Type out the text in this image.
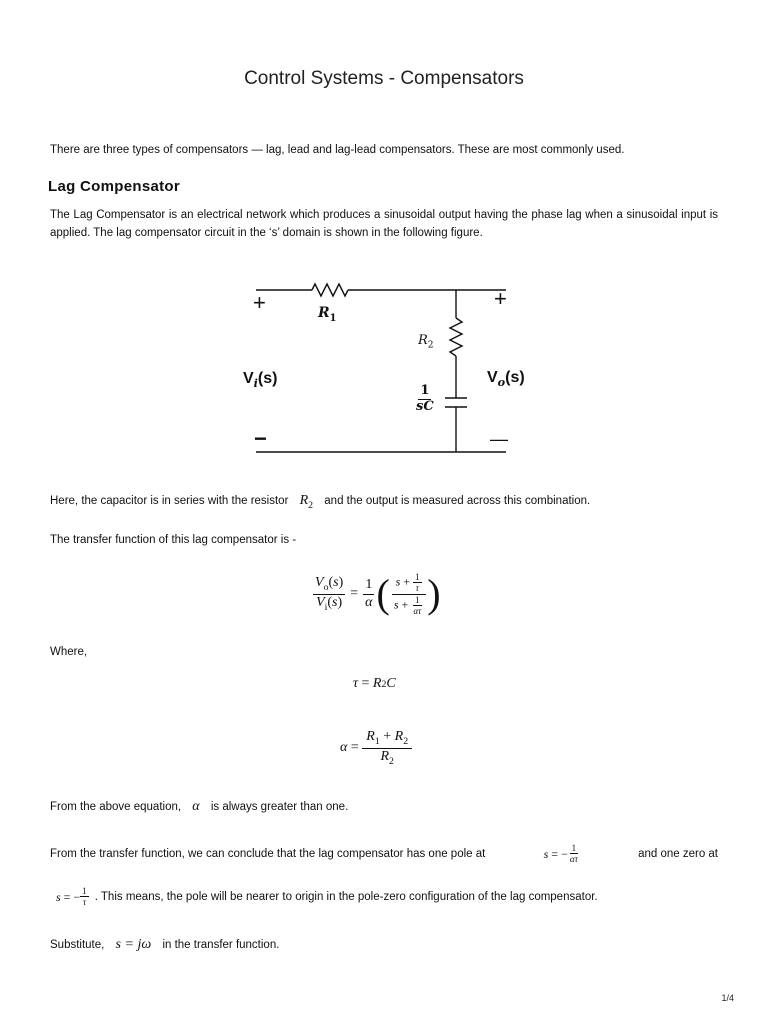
Control Systems - Compensators
There are three types of compensators — lag, lead and lag-lead compensators. These are most commonly used.
Lag Compensator
The Lag Compensator is an electrical network which produces a sinusoidal output having the phase lag when a sinusoidal input is applied. The lag compensator circuit in the ‘s’ domain is shown in the following figure.
+	+
−	—
$R_1$
$R_2$
$V_i(s)$	$V_o(s)$
$\frac{1}{sC}$
Here, the capacitor is in series with the resistor $R_2$ and the output is measured across this combination.
The transfer function of this lag compensator is -
$\frac{V_o(s)}{V_i(s)} = \frac{1}{\alpha}$ ( $\frac{s + \frac{1}{\tau}}{s + \frac{1}{\alpha\tau}}$ )
Where,
τ = R 2 C
$\alpha = \frac{R_1 + R_2}{R_2}$
From the above equation, α is always greater than one.
From the transfer function, we can conclude that the lag compensator has one pole at	s = − $\frac{1}{\alpha\tau}$	and one zero at
s = − $\frac{1}{\tau}$ . This means, the pole will be nearer to origin in the pole-zero configuration of the lag compensator.
Substitute, s = jω in the transfer function.
1/4
